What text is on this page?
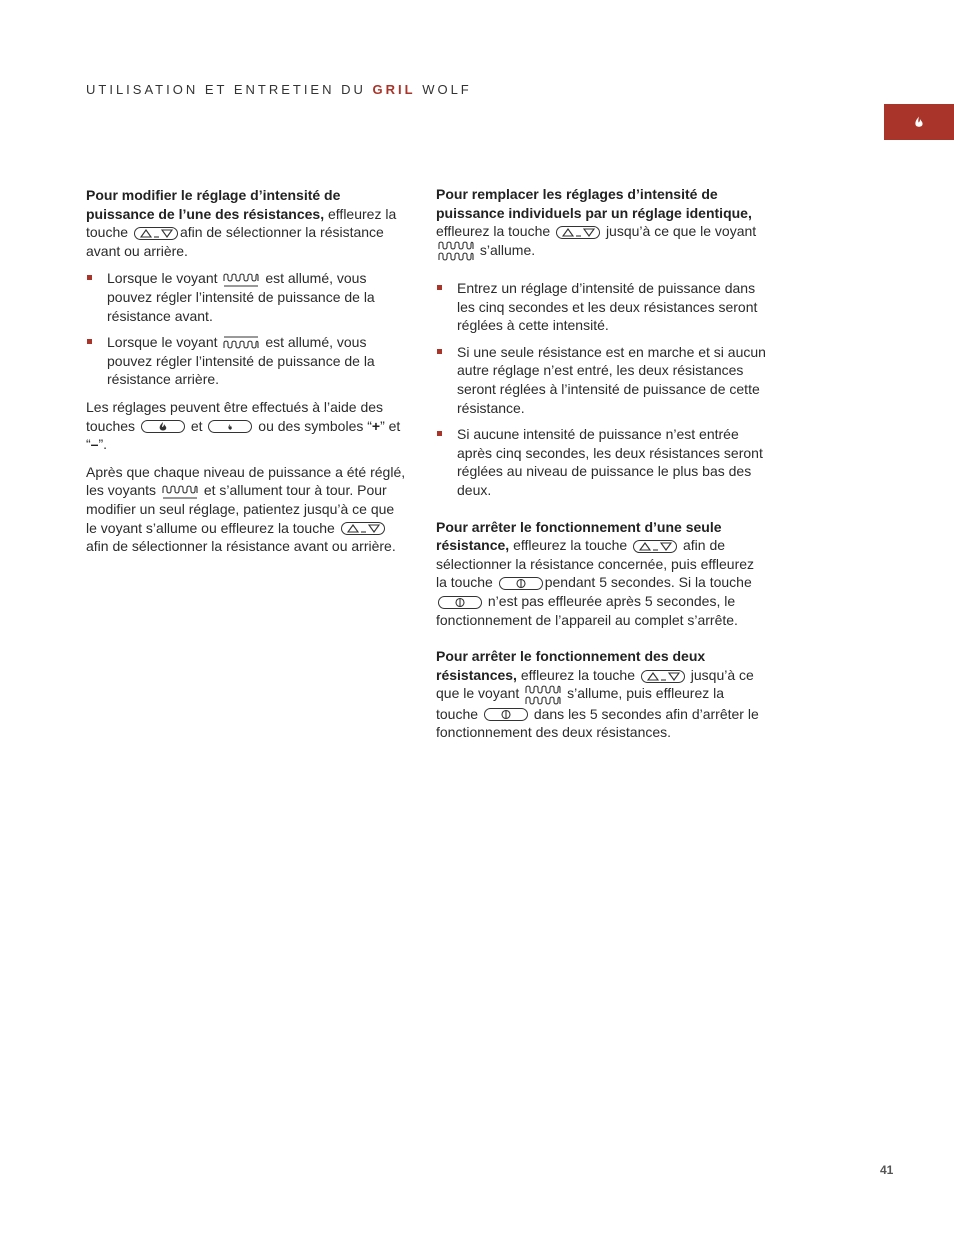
UTILISATION ET ENTRETIEN DU GRIL WOLF

Pour modifier le réglage d’intensité de puissance de l’une des résistances, effleurez la touche	afin de sélectionner la résistance avant ou arrière.

Lorsque le voyant	est allumé, vous pouvez régler l’intensité de puissance de la résistance avant.
Lorsque le voyant	est allumé, vous pouvez régler l’intensité de puissance de la résistance arrière.

Les réglages peuvent être effectués à l’aide des touches	et	ou des symboles “+” et “–”.

Après que chaque niveau de puissance a été réglé, les voyants	et s’allument tour à tour. Pour modifier un seul réglage, patientez jusqu’à ce que le voyant s’allume ou effleurez la touche
afin de sélectionner la résistance avant ou arrière.

Pour remplacer les réglages d’intensité de puissance individuels par un réglage identique, effleurez la touche	jusqu’à ce que le voyant  s’allume.

Entrez un réglage d’intensité de puissance dans les cinq secondes et les deux résistances seront réglées à cette intensité.
Si une seule résistance est en marche et si aucun autre réglage n’est entré, les deux résistances seront réglées à l’intensité de puissance de cette résistance.
Si aucune intensité de puissance n’est entrée après cinq secondes, les deux résistances seront réglées au niveau de puissance le plus bas des deux.

Pour arrêter le fonctionnement d’une seule résistance, effleurez la touche	afin de sélectionner la résistance concernée, puis effleurez la touche	pendant 5 secondes. Si la touche
n’est pas effleurée après 5 secondes, le fonctionnement de l’appareil au complet s’arrête.

Pour arrêter le fonctionnement des deux résistances, effleurez la touche	jusqu’à ce que le voyant	s’allume, puis effleurez la touche	dans les 5 secondes afin d’arrêter le fonctionnement des deux résistances.

41
